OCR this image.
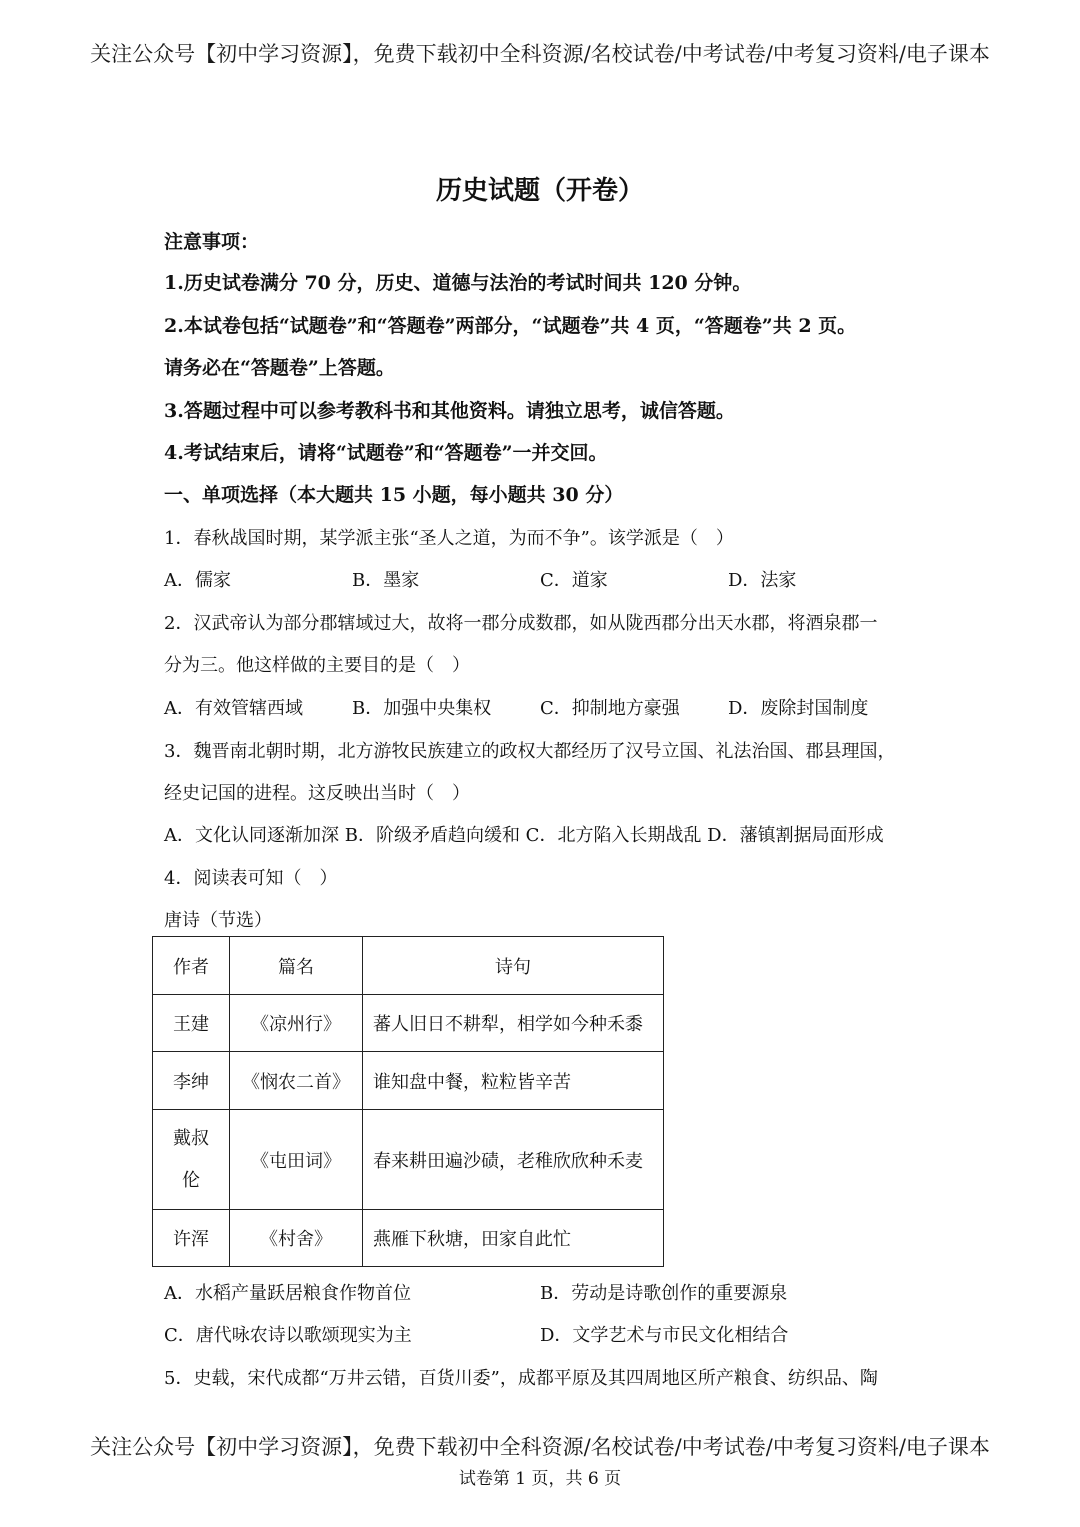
关注公众号【初中学习资源】，免费下载初中全科资源/名校试卷/中考试卷/中考复习资料/电子课本
历史试题（开卷）
注意事项：
1.历史试卷满分 70 分，历史、道德与法治的考试时间共 120 分钟。
2.本试卷包括“试题卷”和“答题卷”两部分，“试题卷”共 4 页，“答题卷”共 2 页。
请务必在“答题卷”上答题。
3.答题过程中可以参考教科书和其他资料。请独立思考，诚信答题。
4.考试结束后，请将“试题卷”和“答题卷”一并交回。
一、单项选择（本大题共 15 小题，每小题共 30 分）
1．春秋战国时期，某学派主张“圣人之道，为而不争”。该学派是（　）
A．儒家	B．墨家	C．道家	D．法家
2．汉武帝认为部分郡辖域过大，故将一郡分成数郡，如从陇西郡分出天水郡，将酒泉郡一
分为三。他这样做的主要目的是（　）
A．有效管辖西域	B．加强中央集权	C．抑制地方豪强	D．废除封国制度
3．魏晋南北朝时期，北方游牧民族建立的政权大都经历了汉号立国、礼法治国、郡县理国，
经史记国的进程。这反映出当时（　）
A．文化认同逐渐加深 B．阶级矛盾趋向缓和 C．北方陷入长期战乱 D．藩镇割据局面形成
4．阅读表可知（　）
唐诗（节选）
作者	篇名	诗句
王建	《凉州行》	蕃人旧日不耕犁，相学如今种禾黍
李绅	《悯农二首》	谁知盘中餐，粒粒皆辛苦
戴叔
伦	《屯田词》	春来耕田遍沙碛，老稚欣欣种禾麦
许浑	《村舍》	燕雁下秋塘，田家自此忙
A．水稻产量跃居粮食作物首位	B．劳动是诗歌创作的重要源泉
C．唐代咏农诗以歌颂现实为主	D．文学艺术与市民文化相结合
5．史载，宋代成都“万井云错，百货川委”，成都平原及其四周地区所产粮食、纺织品、陶
关注公众号【初中学习资源】，免费下载初中全科资源/名校试卷/中考试卷/中考复习资料/电子课本
试卷第 1 页，共 6 页
